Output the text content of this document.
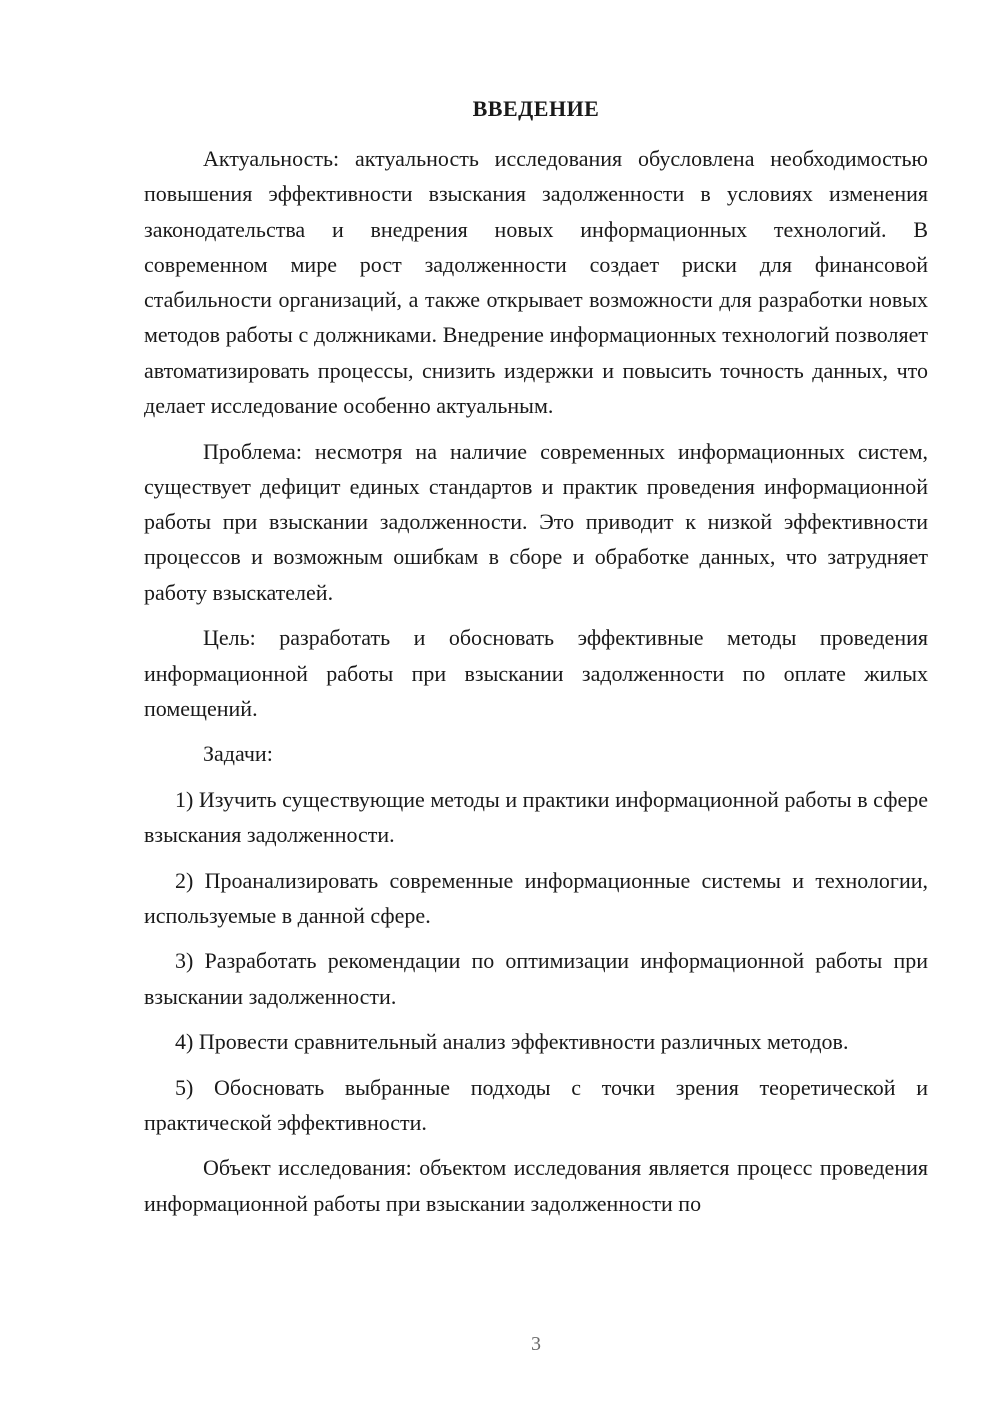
ВВЕДЕНИЕ

Актуальность: актуальность исследования обусловлена необходимостью повышения эффективности взыскания задолженности в условиях изменения законодательства и внедрения новых информационных технологий. В современном мире рост задолженности создает риски для финансовой стабильности организаций, а также открывает возможности для разработки новых методов работы с должниками. Внедрение информационных технологий позволяет автоматизировать процессы, снизить издержки и повысить точность данных, что делает исследование особенно актуальным.

Проблема: несмотря на наличие современных информационных систем, существует дефицит единых стандартов и практик проведения информационной работы при взыскании задолженности. Это приводит к низкой эффективности процессов и возможным ошибкам в сборе и обработке данных, что затрудняет работу взыскателей.

Цель: разработать и обосновать эффективные методы проведения информационной работы при взыскании задолженности по оплате жилых помещений.

Задачи:

1) Изучить существующие методы и практики информационной работы в сфере взыскания задолженности.

2) Проанализировать современные информационные системы и технологии, используемые в данной сфере.

3) Разработать рекомендации по оптимизации информационной работы при взыскании задолженности.

4) Провести сравнительный анализ эффективности различных методов.

5) Обосновать выбранные подходы с точки зрения теоретической и практической эффективности.

Объект исследования: объектом исследования является процесс проведения информационной работы при взыскании задолженности по

3
